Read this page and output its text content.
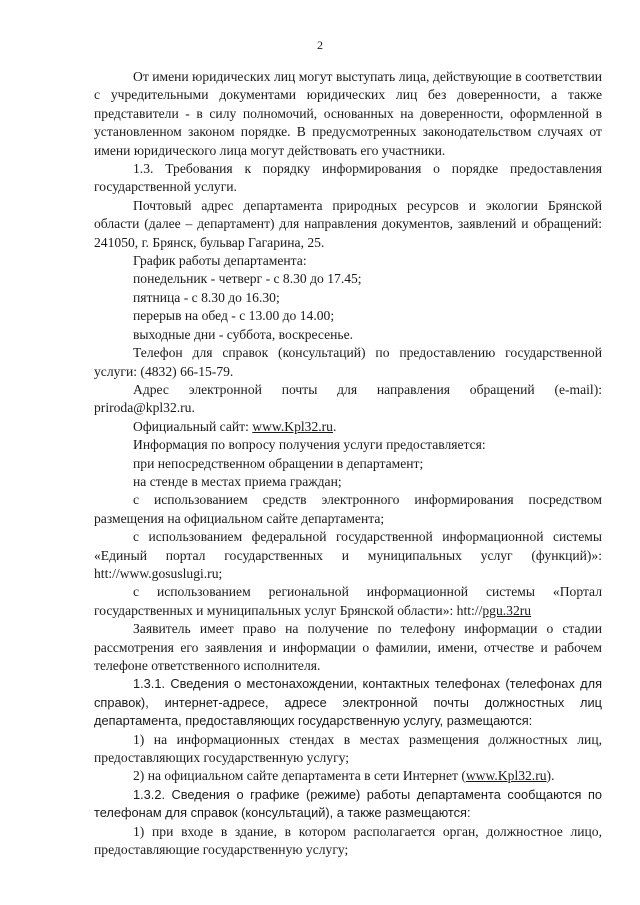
2

От имени юридических лиц могут выступать лица, действующие в соответствии с учредительными документами юридических лиц без доверенности, а также представители - в силу полномочий, основанных на доверенности, оформленной в установленном законом порядке. В предусмотренных законодательством случаях от имени юридического лица могут действовать его участники.

1.3. Требования к порядку информирования о порядке предоставления государственной услуги.

Почтовый адрес департамента природных ресурсов и экологии Брянской области (далее – департамент) для направления документов, заявлений и обращений: 241050, г. Брянск, бульвар Гагарина, 25.

График работы департамента:

понедельник - четверг - с 8.30 до 17.45;

пятница - с 8.30 до 16.30;

перерыв на обед - с 13.00 до 14.00;

выходные дни - суббота, воскресенье.

Телефон для справок (консультаций) по предоставлению государственной услуги: (4832) 66-15-79.

Адрес электронной почты для направления обращений (e-mail): priroda@kpl32.ru.

Официальный сайт: www.Kpl32.ru.

Информация по вопросу получения услуги предоставляется:

при непосредственном обращении в департамент;

на стенде в местах приема граждан;

с использованием средств электронного информирования посредством размещения на официальном сайте департамента;

с использованием федеральной государственной информационной системы «Единый портал государственных и муниципальных услуг (функций)»: htt://www.gosuslugi.ru;

с использованием региональной информационной системы «Портал государственных и муниципальных услуг Брянской области»: htt://pgu.32ru

Заявитель имеет право на получение по телефону информации о стадии рассмотрения его заявления и информации о фамилии, имени, отчестве и рабочем телефоне ответственного исполнителя.

1.3.1. Сведения о местонахождении, контактных телефонах (телефонах для справок), интернет-адресе, адресе электронной почты должностных лиц департамента, предоставляющих государственную услугу, размещаются:

1) на информационных стендах в местах размещения должностных лиц, предоставляющих государственную услугу;

2) на официальном сайте департамента в сети Интернет (www.Kpl32.ru).

1.3.2. Сведения о графике (режиме) работы департамента сообщаются по телефонам для справок (консультаций), а также размещаются:

1) при входе в здание, в котором располагается орган, должностное лицо, предоставляющие государственную услугу;
